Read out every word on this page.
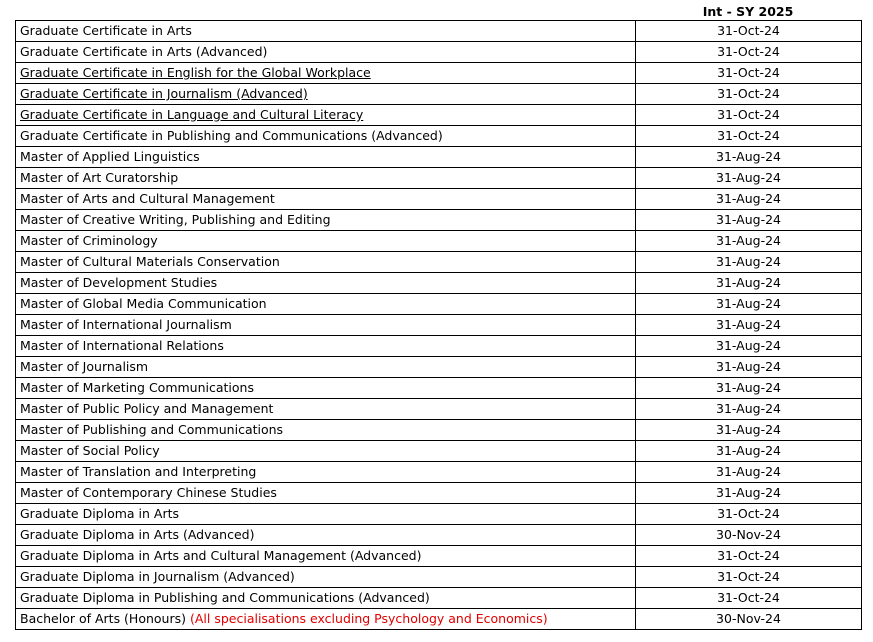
Int - SY 2025
Graduate Certificate in Arts	31-Oct-24
Graduate Certificate in Arts (Advanced)	31-Oct-24
Graduate Certificate in English for the Global Workplace	31-Oct-24
Graduate Certificate in Journalism (Advanced)	31-Oct-24
Graduate Certificate in Language and Cultural Literacy	31-Oct-24
Graduate Certificate in Publishing and Communications (Advanced)	31-Oct-24
Master of Applied Linguistics	31-Aug-24
Master of Art Curatorship	31-Aug-24
Master of Arts and Cultural Management	31-Aug-24
Master of Creative Writing, Publishing and Editing	31-Aug-24
Master of Criminology	31-Aug-24
Master of Cultural Materials Conservation	31-Aug-24
Master of Development Studies	31-Aug-24
Master of Global Media Communication	31-Aug-24
Master of International Journalism	31-Aug-24
Master of International Relations	31-Aug-24
Master of Journalism	31-Aug-24
Master of Marketing Communications	31-Aug-24
Master of Public Policy and Management	31-Aug-24
Master of Publishing and Communications	31-Aug-24
Master of Social Policy	31-Aug-24
Master of Translation and Interpreting	31-Aug-24
Master of Contemporary Chinese Studies	31-Aug-24
Graduate Diploma in Arts	31-Oct-24
Graduate Diploma in Arts (Advanced)	30-Nov-24
Graduate Diploma in Arts and Cultural Management (Advanced)	31-Oct-24
Graduate Diploma in Journalism (Advanced)	31-Oct-24
Graduate Diploma in Publishing and Communications (Advanced)	31-Oct-24
Bachelor of Arts (Honours) (All specialisations excluding Psychology and Economics)	30-Nov-24
